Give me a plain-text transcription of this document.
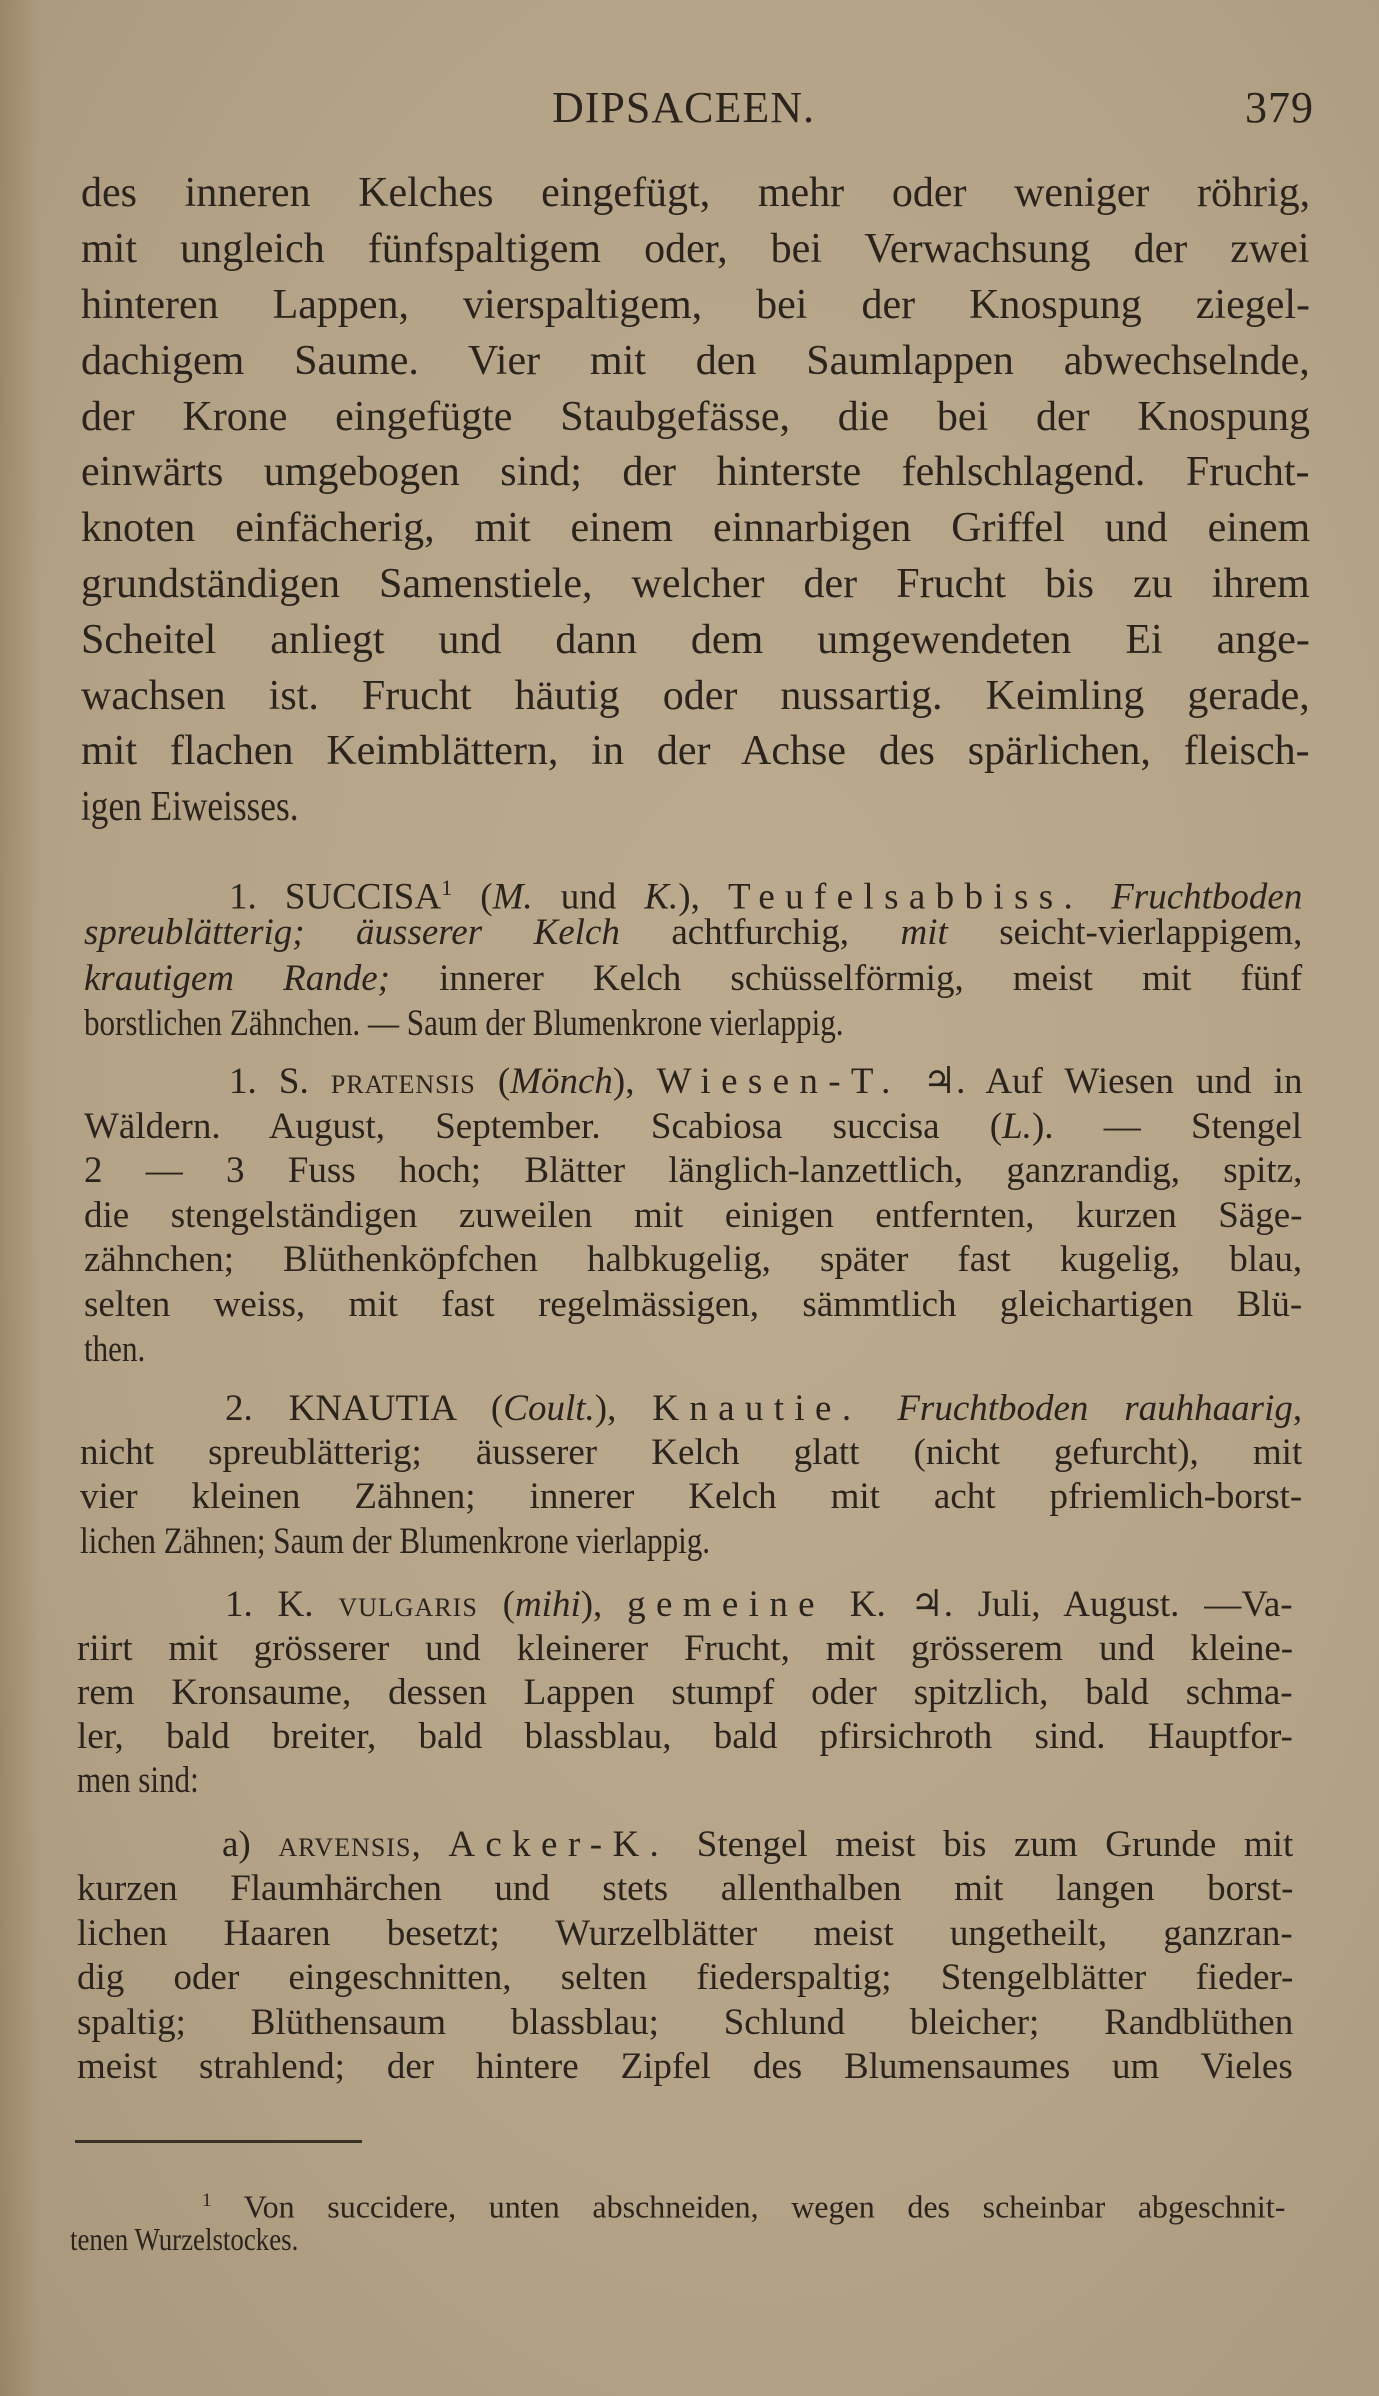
DIPSACEEN.	379
des inneren Kelches eingefügt, mehr oder weniger röhrig,
mit ungleich fünfspaltigem oder, bei Verwachsung der zwei
hinteren Lappen, vierspaltigem, bei der Knospung ziegel-
dachigem Saume. Vier mit den Saumlappen abwechselnde,
der Krone eingefügte Staubgefässe, die bei der Knospung
einwärts umgebogen sind; der hinterste fehlschlagend. Frucht-
knoten einfächerig, mit einem einnarbigen Griffel und einem
grundständigen Samenstiele, welcher der Frucht bis zu ihrem
Scheitel anliegt und dann dem umgewendeten Ei ange-
wachsen ist. Frucht häutig oder nussartig. Keimling gerade,
mit flachen Keimblättern, in der Achse des spärlichen, fleisch-
igen Eiweisses.
1. SUCCISA$^1$ (M. und K.), Teufelsabbiss. Fruchtboden
spreublätterig; äusserer Kelch achtfurchig, mit seicht-vierlappigem,
krautigem Rande; innerer Kelch schüsselförmig, meist mit fünf
borstlichen Zähnchen. — Saum der Blumenkrone vierlappig.
1. S. pratensis (Mönch), Wiesen-T. ♃. Auf Wiesen und in
Wäldern. August, September. Scabiosa succisa (L.). — Stengel
2 — 3 Fuss hoch; Blätter länglich-lanzettlich, ganzrandig, spitz,
die stengelständigen zuweilen mit einigen entfernten, kurzen Säge-
zähnchen; Blüthenköpfchen halbkugelig, später fast kugelig, blau,
selten weiss, mit fast regelmässigen, sämmtlich gleichartigen Blü-
then.
2. KNAUTIA (Coult.), Knautie. Fruchtboden rauhhaarig,
nicht spreublätterig; äusserer Kelch glatt (nicht gefurcht), mit
vier kleinen Zähnen; innerer Kelch mit acht pfriemlich-borst-
lichen Zähnen; Saum der Blumenkrone vierlappig.
1. K. vulgaris (mihi), gemeine K. ♃. Juli, August. —Va-
riirt mit grösserer und kleinerer Frucht, mit grösserem und kleine-
rem Kronsaume, dessen Lappen stumpf oder spitzlich, bald schma-
ler, bald breiter, bald blassblau, bald pfirsichroth sind. Hauptfor-
men sind:
a) arvensis, Acker-K. Stengel meist bis zum Grunde mit
kurzen Flaumhärchen und stets allenthalben mit langen borst-
lichen Haaren besetzt; Wurzelblätter meist ungetheilt, ganzran-
dig oder eingeschnitten, selten fiederspaltig; Stengelblätter fieder-
spaltig; Blüthensaum blassblau; Schlund bleicher; Randblüthen
meist strahlend; der hintere Zipfel des Blumensaumes um Vieles
$^1$ Von succidere, unten abschneiden, wegen des scheinbar abgeschnit-
tenen Wurzelstockes.
